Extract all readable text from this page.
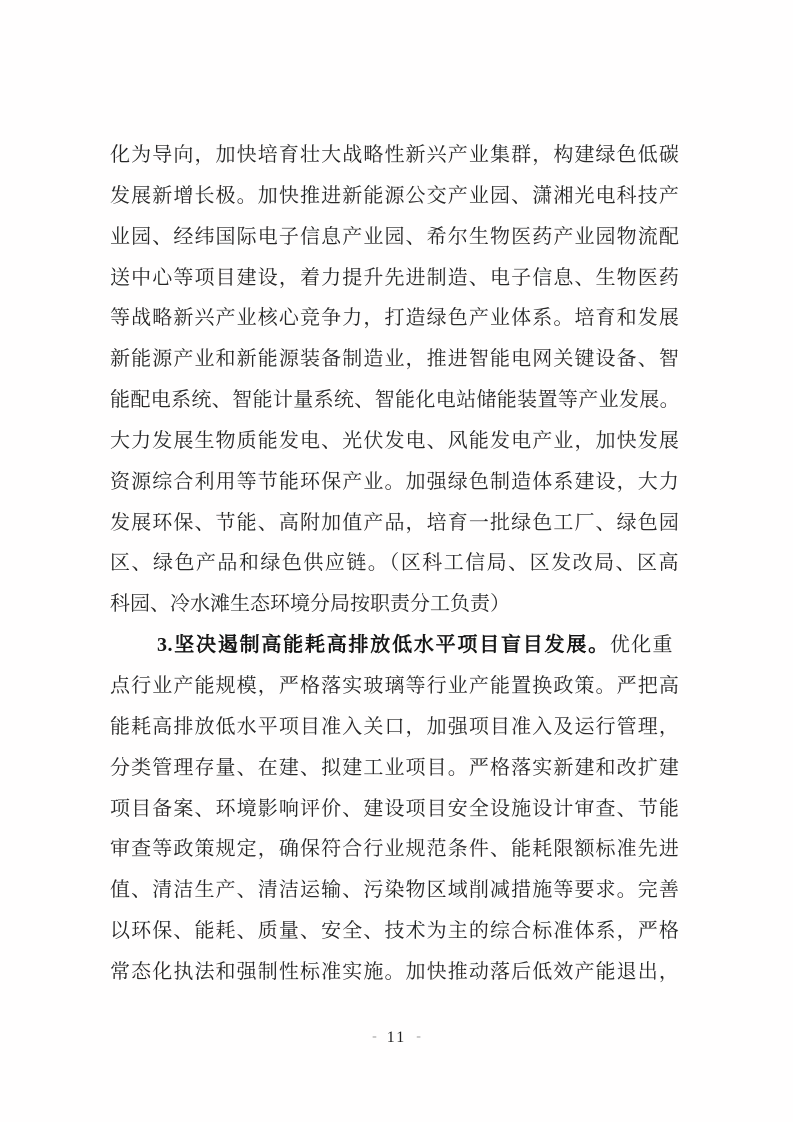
化为导向，加快培育壮大战略性新兴产业集群，构建绿色低碳
发展新增长极。加快推进新能源公交产业园、潇湘光电科技产
业园、经纬国际电子信息产业园、希尔生物医药产业园物流配
送中心等项目建设，着力提升先进制造、电子信息、生物医药
等战略新兴产业核心竞争力，打造绿色产业体系。培育和发展
新能源产业和新能源装备制造业，推进智能电网关键设备、智
能配电系统、智能计量系统、智能化电站储能装置等产业发展。
大力发展生物质能发电、光伏发电、风能发电产业，加快发展
资源综合利用等节能环保产业。加强绿色制造体系建设，大力
发展环保、节能、高附加值产品，培育一批绿色工厂、绿色园
区、绿色产品和绿色供应链。（区科工信局、区发改局、区高
科园、冷水滩生态环境分局按职责分工负责）
3.坚决遏制高能耗高排放低水平项目盲目发展。优化重
点行业产能规模，严格落实玻璃等行业产能置换政策。严把高
能耗高排放低水平项目准入关口，加强项目准入及运行管理，
分类管理存量、在建、拟建工业项目。严格落实新建和改扩建
项目备案、环境影响评价、建设项目安全设施设计审查、节能
审查等政策规定，确保符合行业规范条件、能耗限额标准先进
值、清洁生产、清洁运输、污染物区域削减措施等要求。完善
以环保、能耗、质量、安全、技术为主的综合标准体系，严格
常态化执法和强制性标准实施。加快推动落后低效产能退出，
- 11 -
